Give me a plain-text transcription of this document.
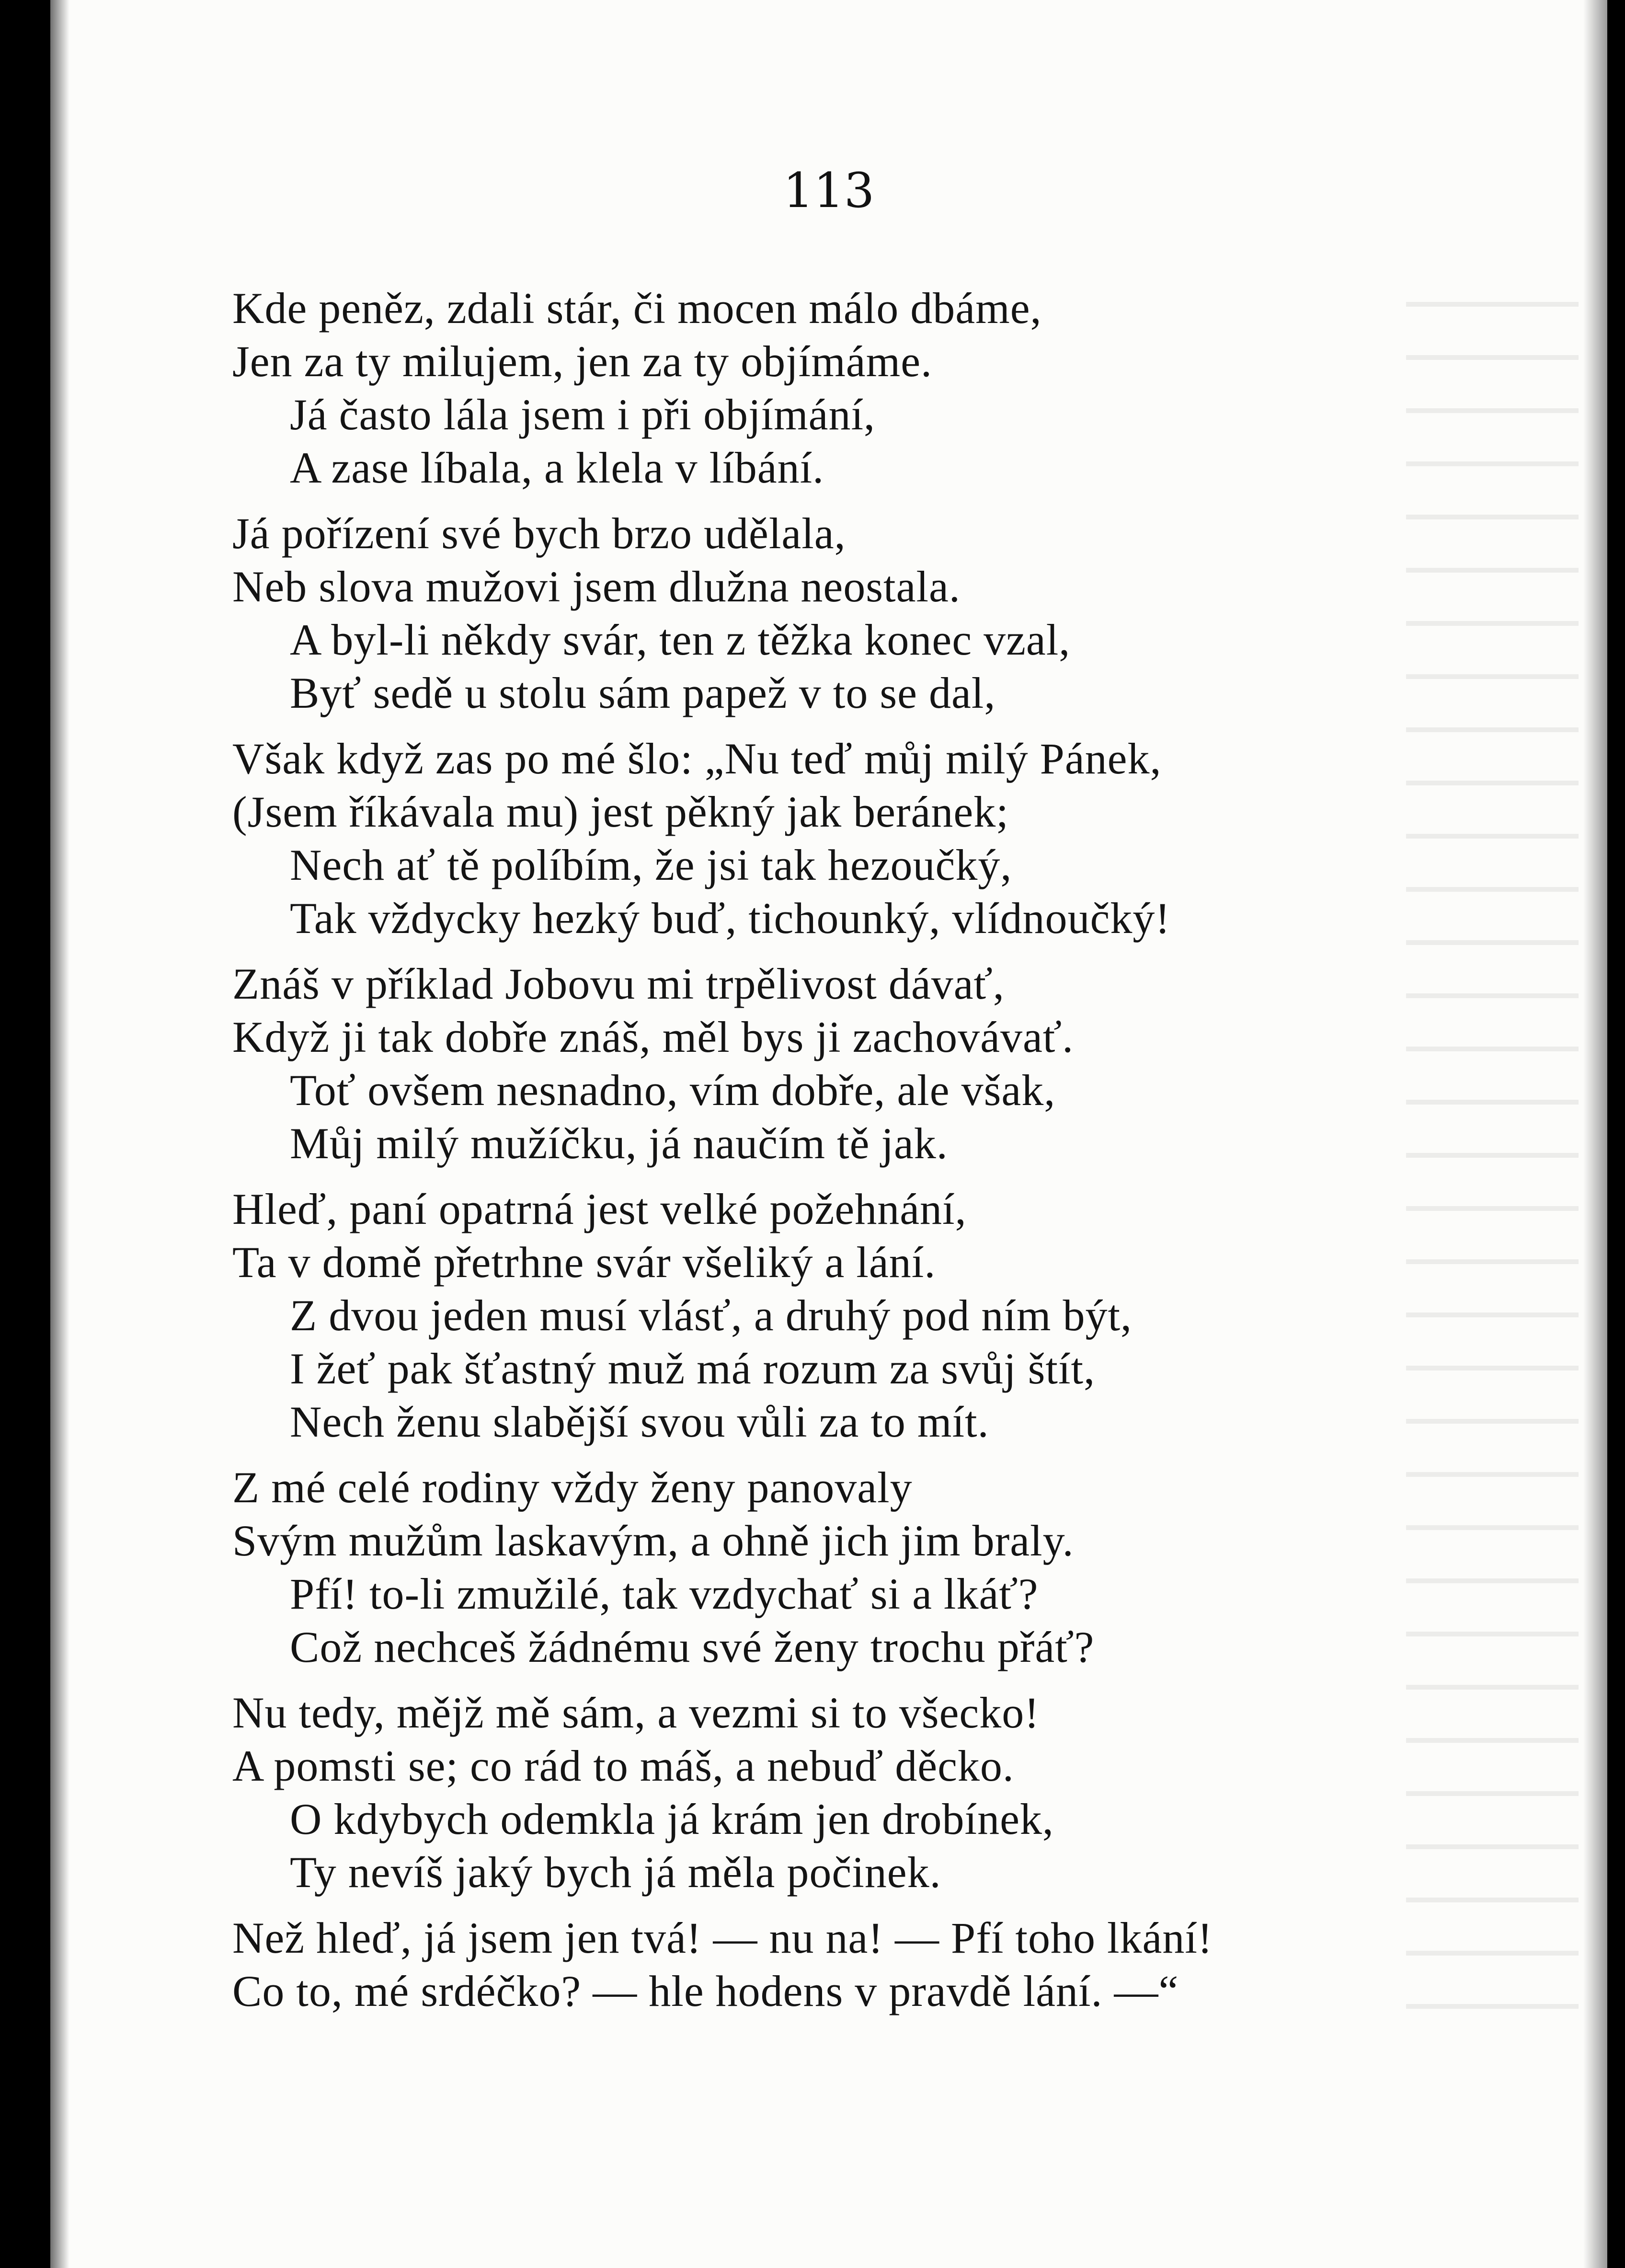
113
Kde peněz, zdali stár, či mocen málo dbáme,
Jen za ty milujem, jen za ty objímáme.
Já často lála jsem i při objímání,
A zase líbala, a klela v líbání.
Já pořízení své bych brzo udělala,
Neb slova mužovi jsem dlužna neostala.
A byl-li někdy svár, ten z těžka konec vzal,
Byť sedě u stolu sám papež v to se dal,
Však když zas po mé šlo: „Nu teď můj milý Pánek,
(Jsem říkávala mu) jest pěkný jak beránek;
Nech ať tě políbím, že jsi tak hezoučký,
Tak vždycky hezký buď, tichounký, vlídnoučký!
Znáš v příklad Jobovu mi trpělivost dávať,
Když ji tak dobře znáš, měl bys ji zachovávať.
Toť ovšem nesnadno, vím dobře, ale však,
Můj milý mužíčku, já naučím tě jak.
Hleď, paní opatrná jest velké požehnání,
Ta v domě přetrhne svár všeliký a lání.
Z dvou jeden musí vlásť, a druhý pod ním být,
I žeť pak šťastný muž má rozum za svůj štít,
Nech ženu slabější svou vůli za to mít.
Z mé celé rodiny vždy ženy panovaly
Svým mužům laskavým, a ohně jich jim braly.
Pfí! to-li zmužilé, tak vzdychať si a lkáť?
Což nechceš žádnému své ženy trochu přáť?
Nu tedy, mějž mě sám, a vezmi si to všecko!
A pomsti se; co rád to máš, a nebuď děcko.
O kdybych odemkla já krám jen drobínek,
Ty nevíš jaký bych já měla počinek.
Než hleď, já jsem jen tvá! — nu na! — Pfí toho lkání!
Co to, mé srdéčko? — hle hodens v pravdě lání. —“
